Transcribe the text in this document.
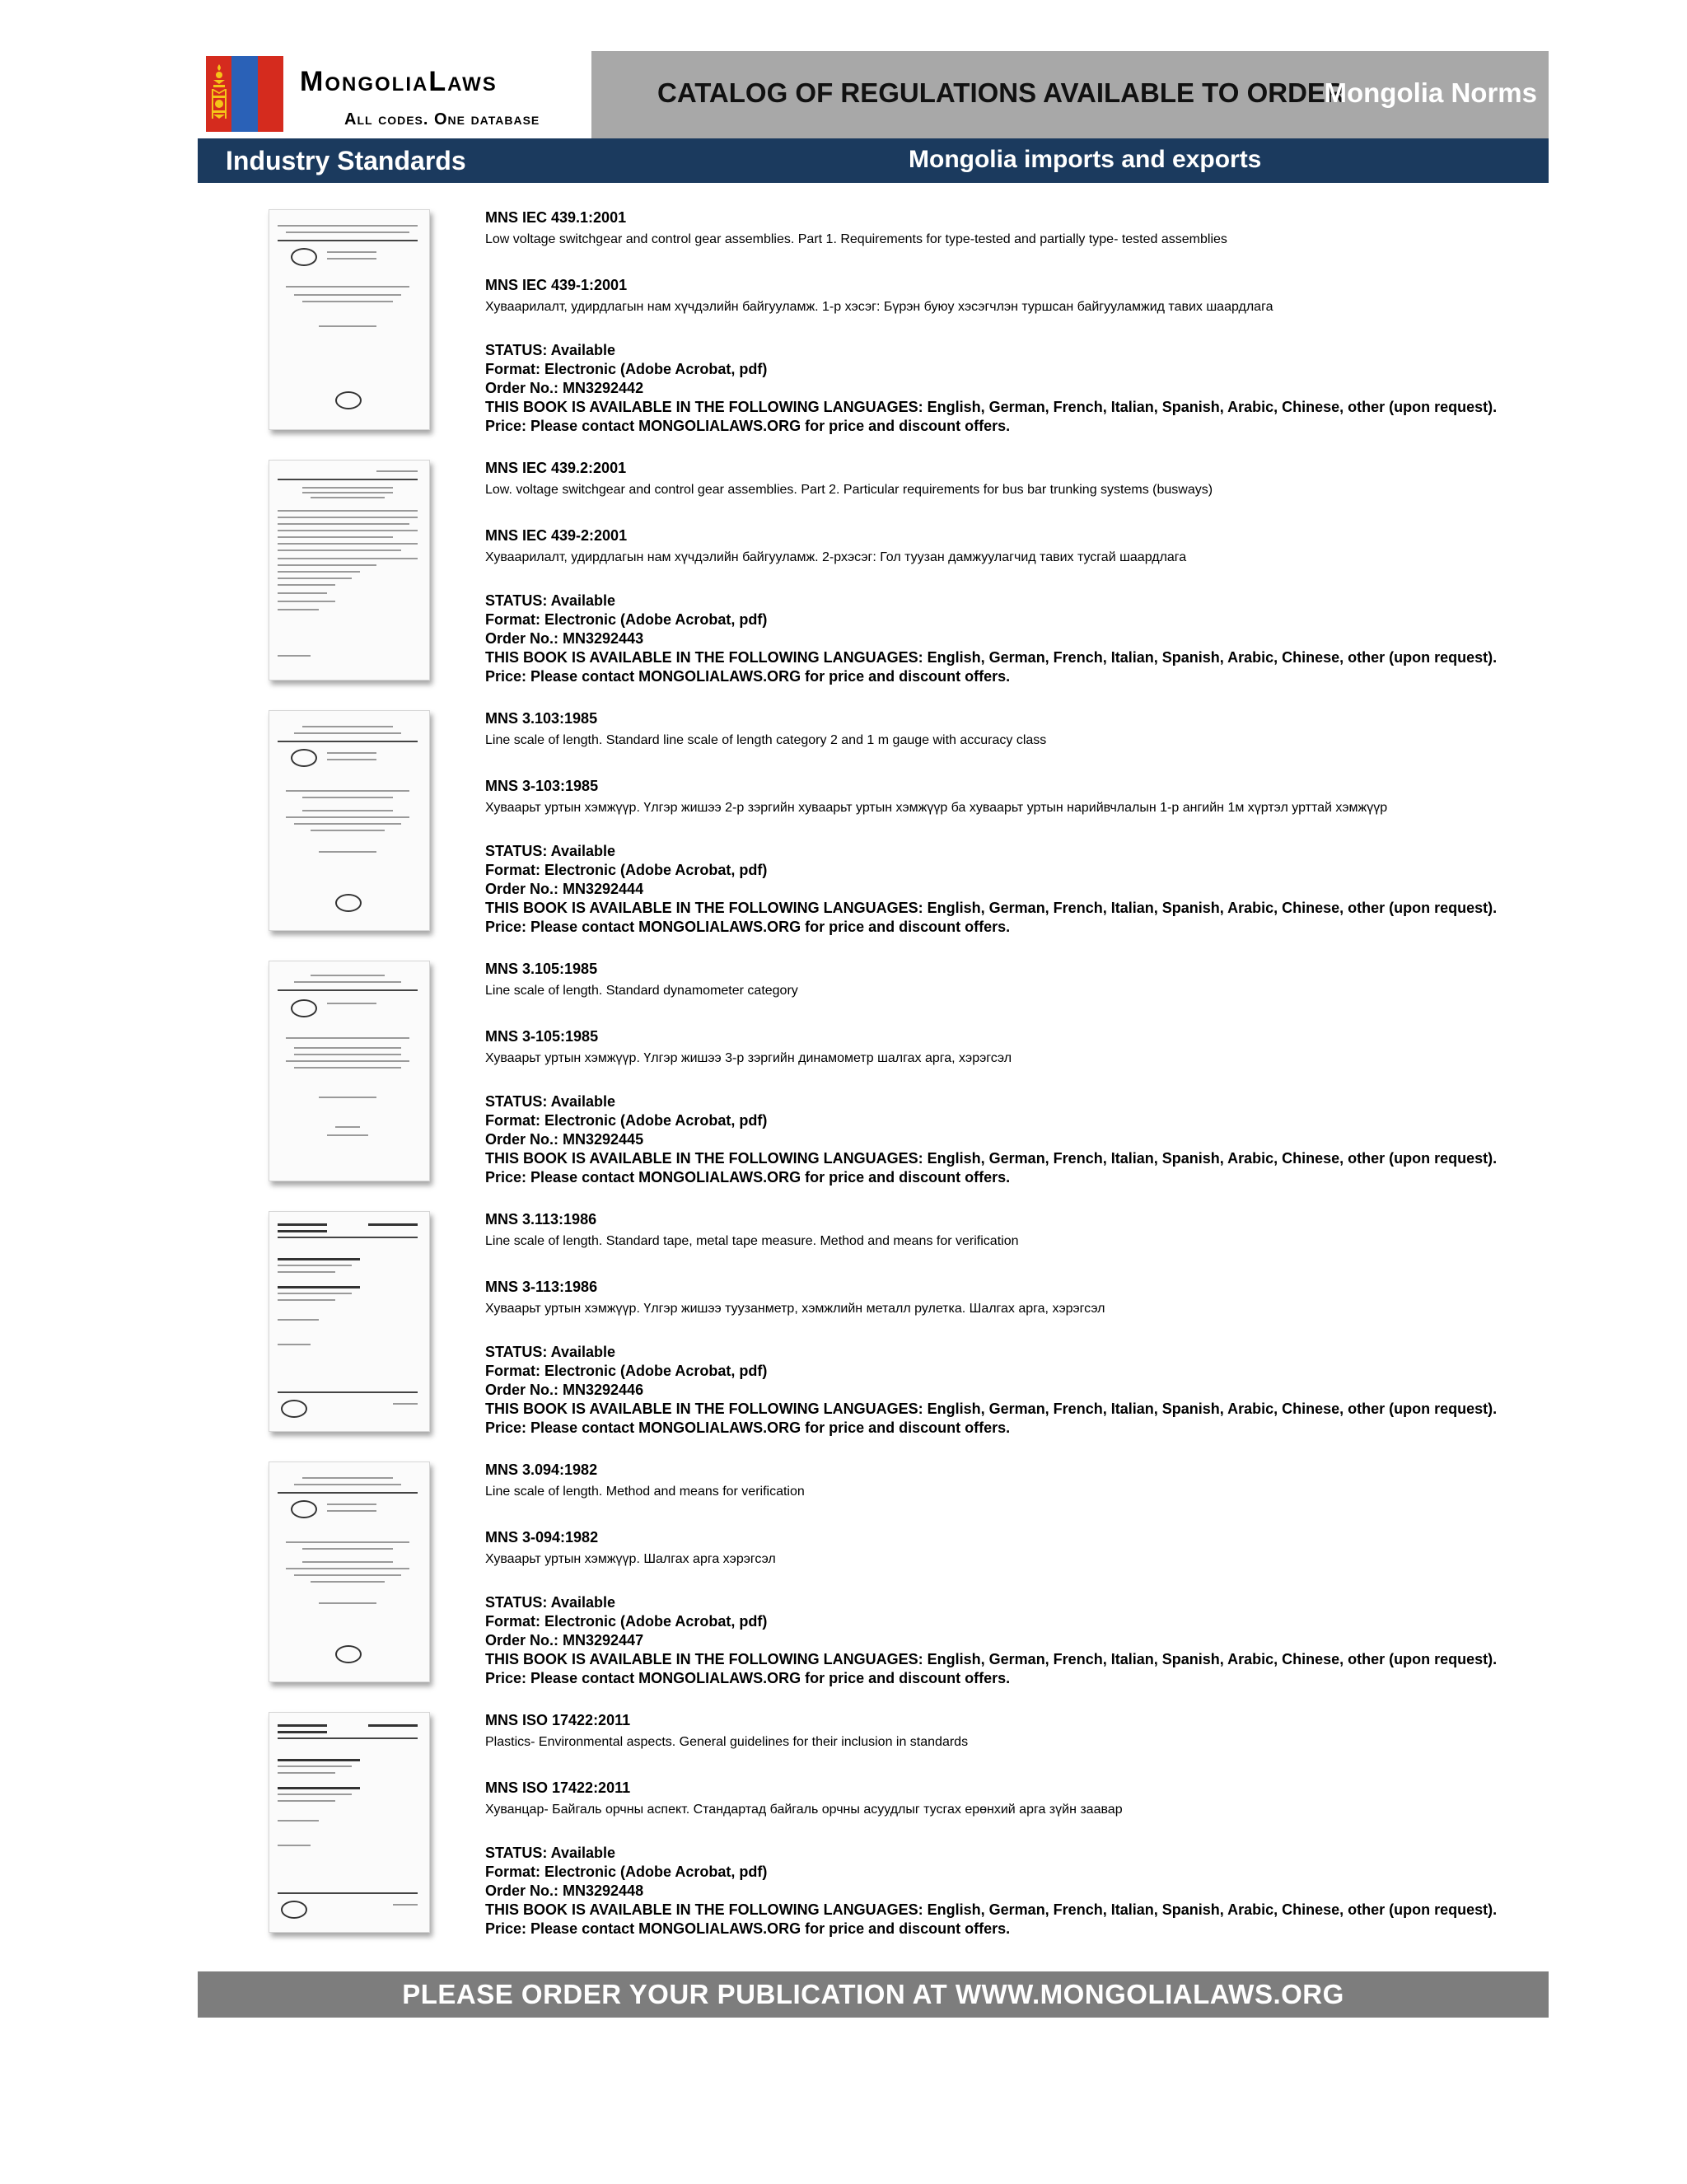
MongoliaLaws
All codes. One database
CATALOG OF REGULATIONS AVAILABLE TO ORDER
Mongolia Norms
Industry Standards	Mongolia imports and exports
MNS IEC 439.1:2001
Low voltage switchgear and control gear assemblies. Part 1. Requirements for type-tested and partially type- tested assemblies
MNS IEC 439-1:2001
Хуваарилалт, удирдлагын нам хүчдэлийн байгууламж. 1-р хэсэг: Бүрэн буюу хэсэгчлэн туршсан байгууламжид тавих шаардлага
STATUS: Available
Format: Electronic (Adobe Acrobat, pdf)
Order No.: MN3292442
THIS BOOK IS AVAILABLE IN THE FOLLOWING LANGUAGES: English, German, French, Italian, Spanish, Arabic, Chinese, other (upon request).
Price: Please contact MONGOLIALAWS.ORG for price and discount offers.
MNS IEC 439.2:2001
Low. voltage switchgear and control gear assemblies. Part 2. Particular requirements for bus bar trunking systems (busways)
MNS IEC 439-2:2001
Хуваарилалт, удирдлагын нам хүчдэлийн байгууламж. 2-рхэсэг: Гол туузан дамжуулагчид тавих тусгай шаардлага
STATUS: Available
Format: Electronic (Adobe Acrobat, pdf)
Order No.: MN3292443
THIS BOOK IS AVAILABLE IN THE FOLLOWING LANGUAGES: English, German, French, Italian, Spanish, Arabic, Chinese, other (upon request).
Price: Please contact MONGOLIALAWS.ORG for price and discount offers.
MNS 3.103:1985
Line scale of length. Standard line scale of length category 2 and 1 m gauge with accuracy class
MNS 3-103:1985
Хуваарьт уртын хэмжүүр. Үлгэр жишээ 2-р зэргийн хуваарьт уртын хэмжүүр ба хуваарьт уртын нарийвчлалын 1-р ангийн 1м хүртэл урттай хэмжүүр
STATUS: Available
Format: Electronic (Adobe Acrobat, pdf)
Order No.: MN3292444
THIS BOOK IS AVAILABLE IN THE FOLLOWING LANGUAGES: English, German, French, Italian, Spanish, Arabic, Chinese, other (upon request).
Price: Please contact MONGOLIALAWS.ORG for price and discount offers.
MNS 3.105:1985
Line scale of length. Standard dynamometer category
MNS 3-105:1985
Хуваарьт уртын хэмжүүр. Үлгэр жишээ 3-р зэргийн динамометр шалгах арга, хэрэгсэл
STATUS: Available
Format: Electronic (Adobe Acrobat, pdf)
Order No.: MN3292445
THIS BOOK IS AVAILABLE IN THE FOLLOWING LANGUAGES: English, German, French, Italian, Spanish, Arabic, Chinese, other (upon request).
Price: Please contact MONGOLIALAWS.ORG for price and discount offers.
MNS 3.113:1986
Line scale of length. Standard tape, metal tape measure. Method and means for verification
MNS 3-113:1986
Хуваарьт уртын хэмжүүр. Үлгэр жишээ туузанметр, хэмжлийн металл рулетка. Шалгах арга, хэрэгсэл
STATUS: Available
Format: Electronic (Adobe Acrobat, pdf)
Order No.: MN3292446
THIS BOOK IS AVAILABLE IN THE FOLLOWING LANGUAGES: English, German, French, Italian, Spanish, Arabic, Chinese, other (upon request).
Price: Please contact MONGOLIALAWS.ORG for price and discount offers.
MNS 3.094:1982
Line scale of length. Method and means for verification
MNS 3-094:1982
Хуваарьт уртын хэмжүүр. Шалгах арга хэрэгсэл
STATUS: Available
Format: Electronic (Adobe Acrobat, pdf)
Order No.: MN3292447
THIS BOOK IS AVAILABLE IN THE FOLLOWING LANGUAGES: English, German, French, Italian, Spanish, Arabic, Chinese, other (upon request).
Price: Please contact MONGOLIALAWS.ORG for price and discount offers.
MNS ISO 17422:2011
Plastics- Environmental aspects. General guidelines for their inclusion in standards
MNS ISO 17422:2011
Хуванцар- Байгаль орчны аспект. Стандартад байгаль орчны асуудлыг тусгах ерөнхий арга зүйн заавар
STATUS: Available
Format: Electronic (Adobe Acrobat, pdf)
Order No.: MN3292448
THIS BOOK IS AVAILABLE IN THE FOLLOWING LANGUAGES: English, German, French, Italian, Spanish, Arabic, Chinese, other (upon request).
Price: Please contact MONGOLIALAWS.ORG for price and discount offers.
PLEASE ORDER YOUR PUBLICATION AT WWW.MONGOLIALAWS.ORG
